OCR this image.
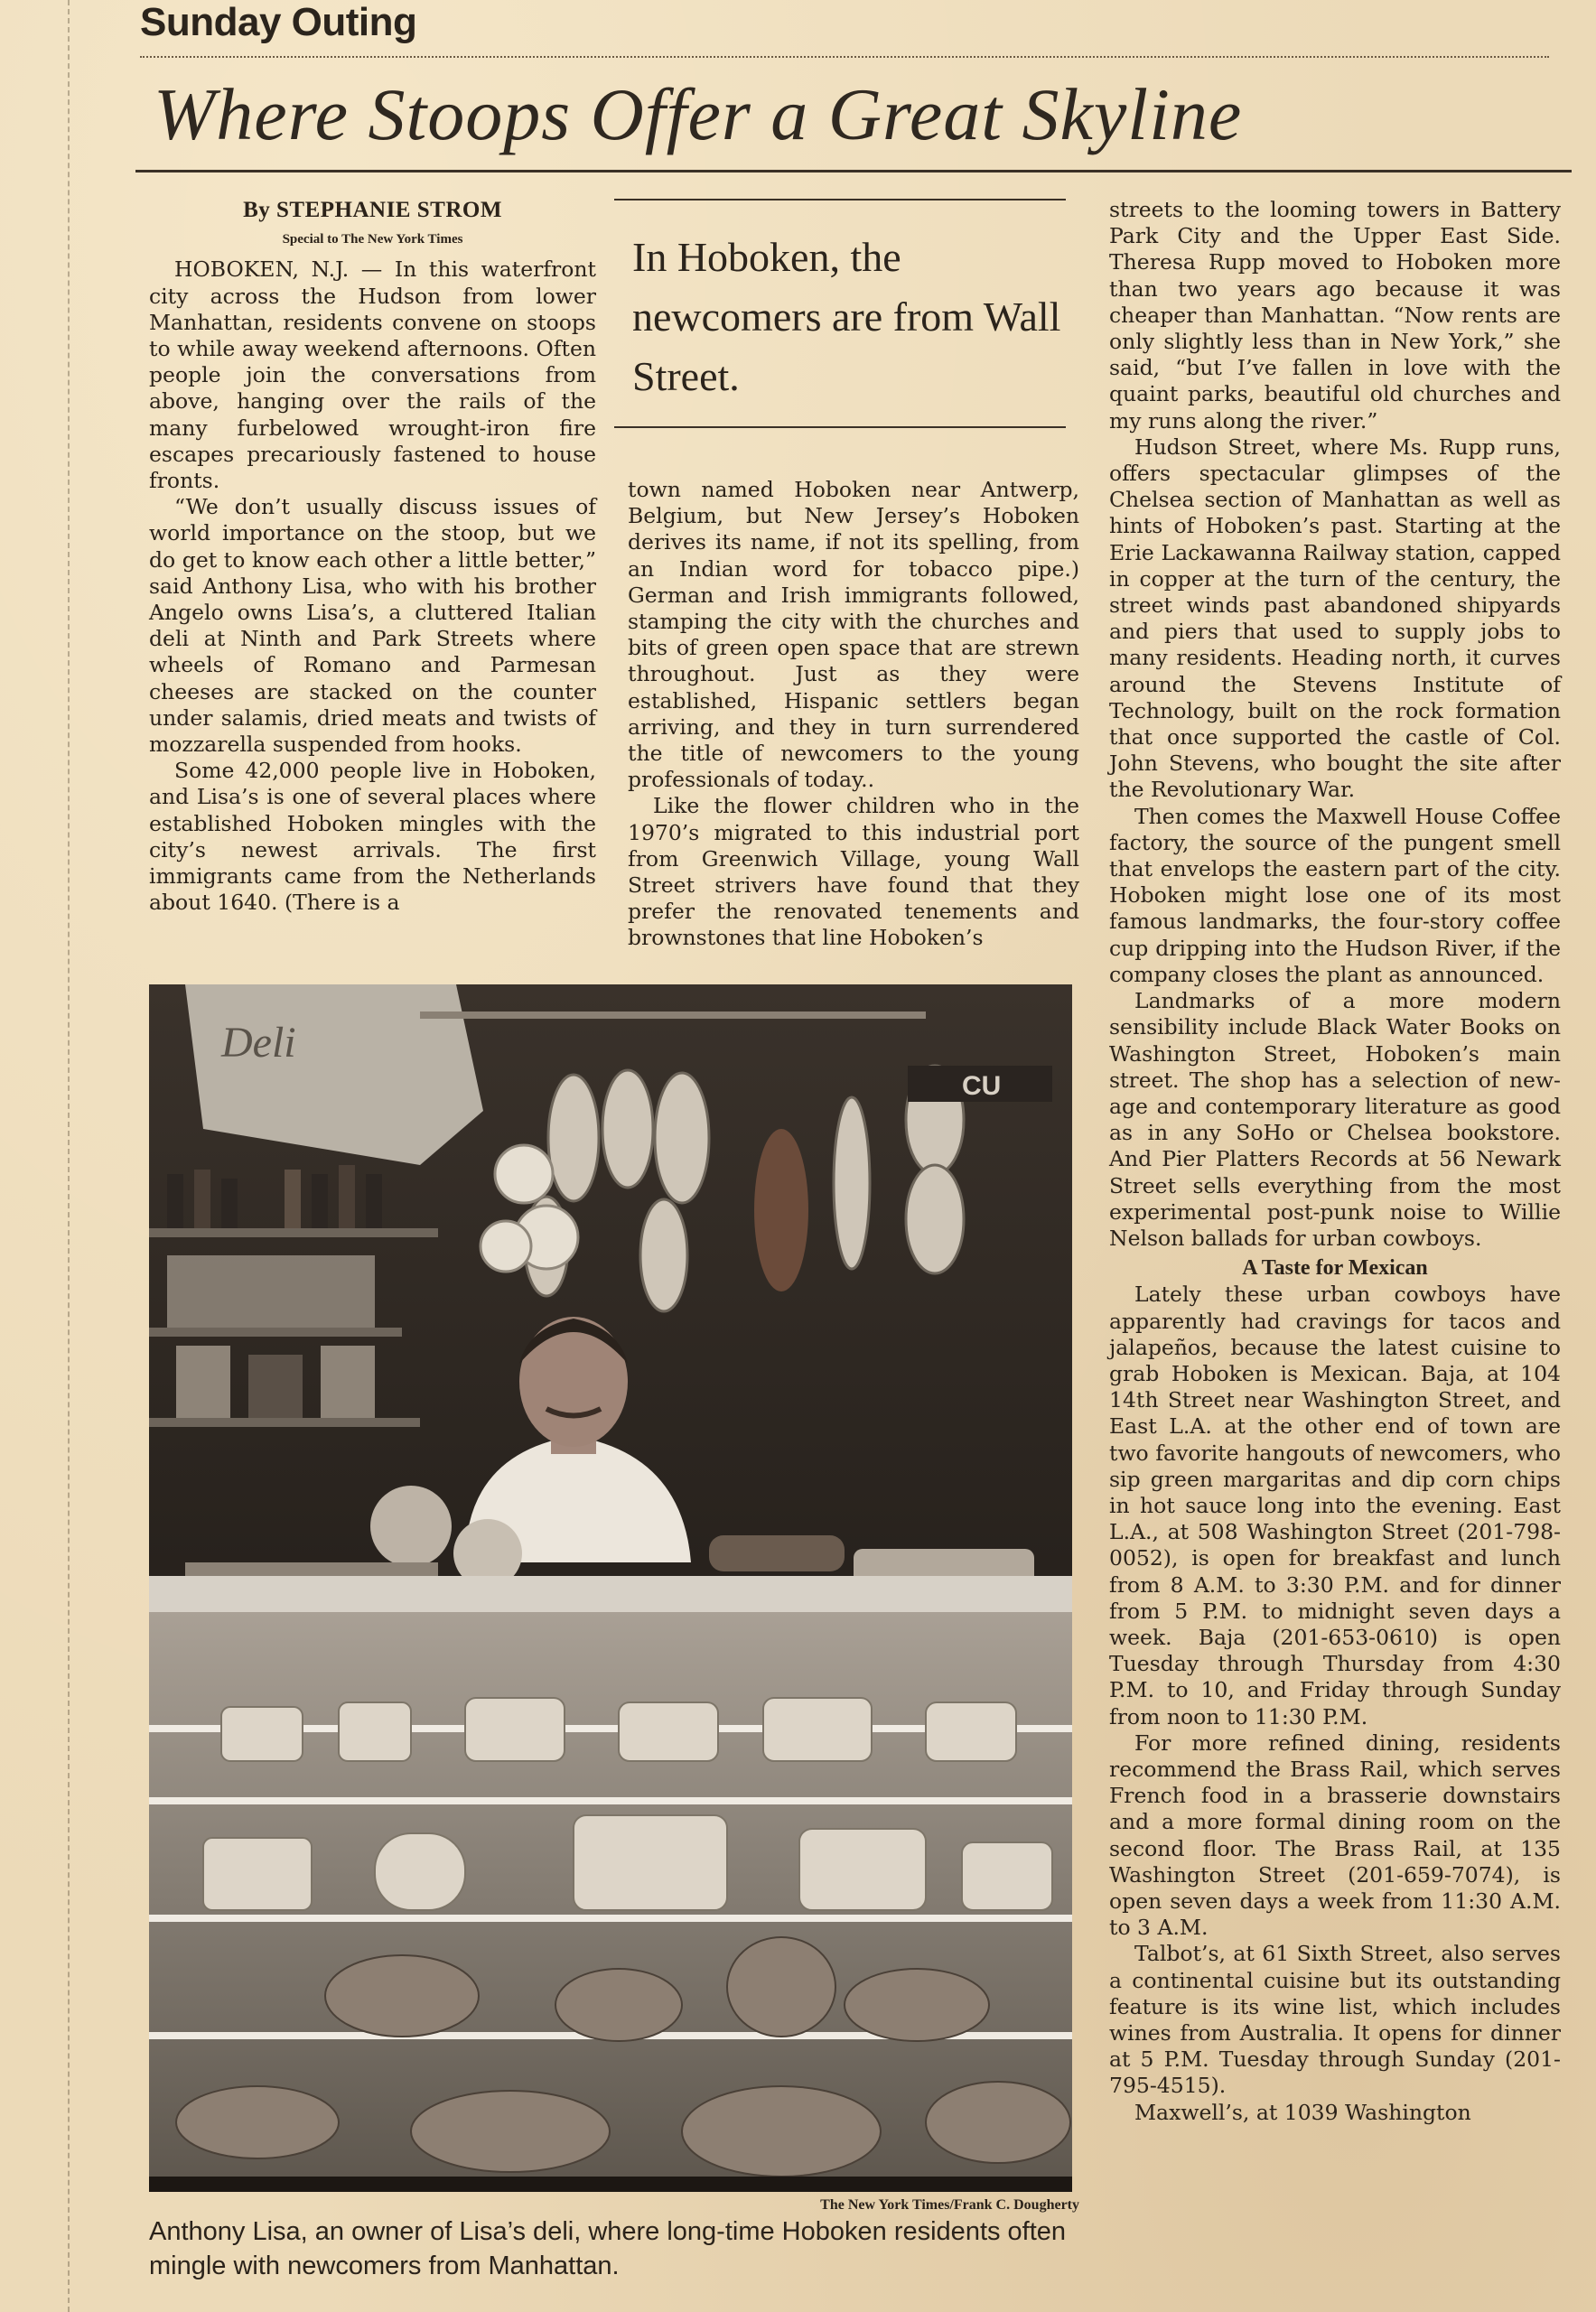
Sunday Outing
Where Stoops Offer a Great Skyline
By STEPHANIE STROM
Special to The New York Times

HOBOKEN, N.J. — In this waterfront city across the Hudson from lower Manhattan, residents convene on stoops to while away weekend afternoons. Often people join the conversations from above, hanging over the rails of the many furbelowed wrought-iron fire escapes precariously fastened to house fronts.

“We don’t usually discuss issues of world importance on the stoop, but we do get to know each other a little better,” said Anthony Lisa, who with his brother Angelo owns Lisa’s, a cluttered Italian deli at Ninth and Park Streets where wheels of Romano and Parmesan cheeses are stacked on the counter under salamis, dried meats and twists of mozzarella suspended from hooks.

Some 42,000 people live in Hoboken, and Lisa’s is one of several places where established Hoboken mingles with the city’s newest arrivals. The first immigrants came from the Netherlands about 1640. (There is a

In Hoboken, the newcomers are from Wall Street.

town named Hoboken near Antwerp, Belgium, but New Jersey’s Hoboken derives its name, if not its spelling, from an Indian word for tobacco pipe.) German and Irish immigrants followed, stamping the city with the churches and bits of green open space that are strewn throughout. Just as they were established, Hispanic settlers began arriving, and they in turn surrendered the title of newcomers to the young professionals of today..

Like the flower children who in the 1970’s migrated to this industrial port from Greenwich Village, young Wall Street strivers have found that they prefer the renovated tenements and brownstones that line Hoboken’s

streets to the looming towers in Battery Park City and the Upper East Side. Theresa Rupp moved to Hoboken more than two years ago because it was cheaper than Manhattan. “Now rents are only slightly less than in New York,” she said, “but I’ve fallen in love with the quaint parks, beautiful old churches and my runs along the river.”

Hudson Street, where Ms. Rupp runs, offers spectacular glimpses of the Chelsea section of Manhattan as well as hints of Hoboken’s past. Starting at the Erie Lackawanna Railway station, capped in copper at the turn of the century, the street winds past abandoned shipyards and piers that used to supply jobs to many residents. Heading north, it curves around the Stevens Institute of Technology, built on the rock formation that once supported the castle of Col. John Stevens, who bought the site after the Revolutionary War.

Then comes the Maxwell House Coffee factory, the source of the pungent smell that envelops the eastern part of the city. Hoboken might lose one of its most famous landmarks, the four-story coffee cup dripping into the Hudson River, if the company closes the plant as announced.

Landmarks of a more modern sensibility include Black Water Books on Washington Street, Hoboken’s main street. The shop has a selection of new-age and contemporary literature as good as in any SoHo or Chelsea bookstore. And Pier Platters Records at 56 Newark Street sells everything from the most experimental post-punk noise to Willie Nelson ballads for urban cowboys.

A Taste for Mexican

Lately these urban cowboys have apparently had cravings for tacos and jalapeños, because the latest cuisine to grab Hoboken is Mexican. Baja, at 104 14th Street near Washington Street, and East L.A. at the other end of town are two favorite hangouts of newcomers, who sip green margaritas and dip corn chips in hot sauce long into the evening. East L.A., at 508 Washington Street (201-798-0052), is open for breakfast and lunch from 8 A.M. to 3:30 P.M. and for dinner from 5 P.M. to midnight seven days a week. Baja (201-653-0610) is open Tuesday through Thursday from 4:30 P.M. to 10, and Friday through Sunday from noon to 11:30 P.M.

For more refined dining, residents recommend the Brass Rail, which serves French food in a brasserie downstairs and a more formal dining room on the second floor. The Brass Rail, at 135 Washington Street (201-659-7074), is open seven days a week from 11:30 A.M. to 3 A.M.

Talbot’s, at 61 Sixth Street, also serves a continental cuisine but its outstanding feature is its wine list, which includes wines from Australia. It opens for dinner at 5 P.M. Tuesday through Sunday (201-795-4515).

Maxwell’s, at 1039 Washington

Deli
CU
The New York Times/Frank C. Dougherty
Anthony Lisa, an owner of Lisa’s deli, where long-time Hoboken residents often mingle with newcomers from Manhattan.
